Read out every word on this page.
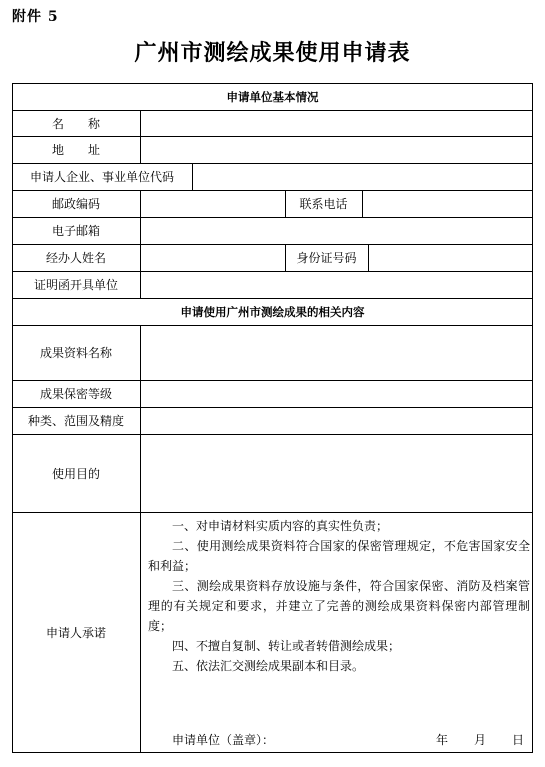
附件 5
广州市测绘成果使用申请表
申请单位基本情况
名　　称
地　　址
申请人企业、事业单位代码
邮政编码	联系电话
电子邮箱
经办人姓名	身份证号码
证明函开具单位
申请使用广州市测绘成果的相关内容
成果资料名称
成果保密等级
种类、范围及精度
使用目的
申请人承诺

一、对申请材料实质内容的真实性负责；

二、使用测绘成果资料符合国家的保密管理规定，不危害国家安全和利益；

三、测绘成果资料存放设施与条件，符合国家保密、消防及档案管理的有关规定和要求，并建立了完善的测绘成果资料保密内部管理制度；

四、不擅自复制、转让或者转借测绘成果；

五、依法汇交测绘成果副本和目录。

申请单位（盖章）：	年 月 日
